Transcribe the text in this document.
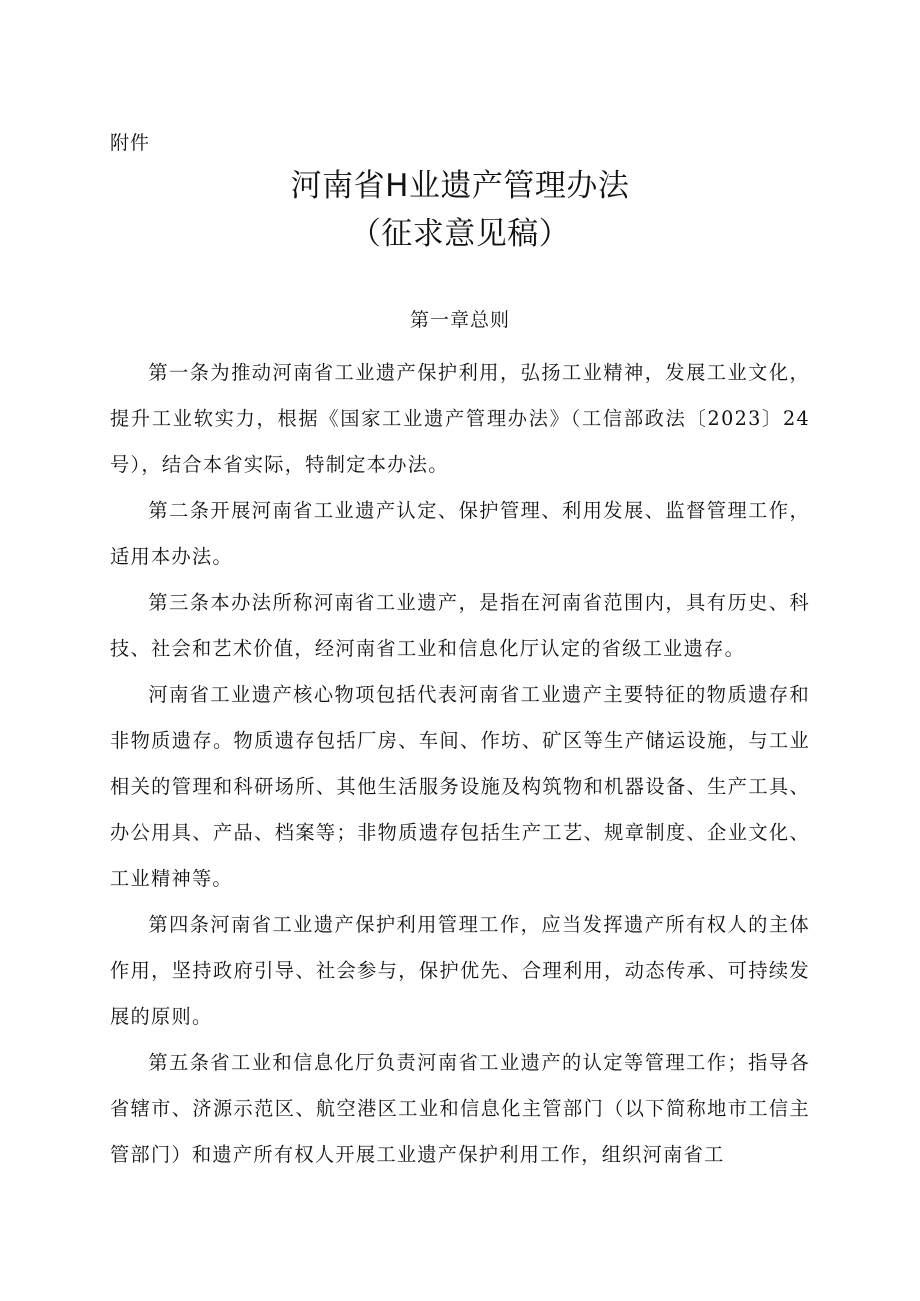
附件
河南省H业遗产管理办法
（征求意见稿）
第一章总则

第一条为推动河南省工业遗产保护利用，弘扬工业精神，发展工业文化，提升工业软实力，根据《国家工业遗产管理办法》（工信部政法〔2023〕24号），结合本省实际，特制定本办法。

第二条开展河南省工业遗产认定、保护管理、利用发展、监督管理工作，适用本办法。

第三条本办法所称河南省工业遗产，是指在河南省范围内，具有历史、科技、社会和艺术价值，经河南省工业和信息化厅认定的省级工业遗存。

河南省工业遗产核心物项包括代表河南省工业遗产主要特征的物质遗存和非物质遗存。物质遗存包括厂房、车间、作坊、矿区等生产储运设施，与工业相关的管理和科研场所、其他生活服务设施及构筑物和机器设备、生产工具、办公用具、产品、档案等；非物质遗存包括生产工艺、规章制度、企业文化、工业精神等。

第四条河南省工业遗产保护利用管理工作，应当发挥遗产所有权人的主体作用，坚持政府引导、社会参与，保护优先、合理利用，动态传承、可持续发展的原则。

第五条省工业和信息化厅负责河南省工业遗产的认定等管理工作；指导各省辖市、济源示范区、航空港区工业和信息化主管部门（以下简称地市工信主管部门）和遗产所有权人开展工业遗产保护利用工作，组织河南省工
